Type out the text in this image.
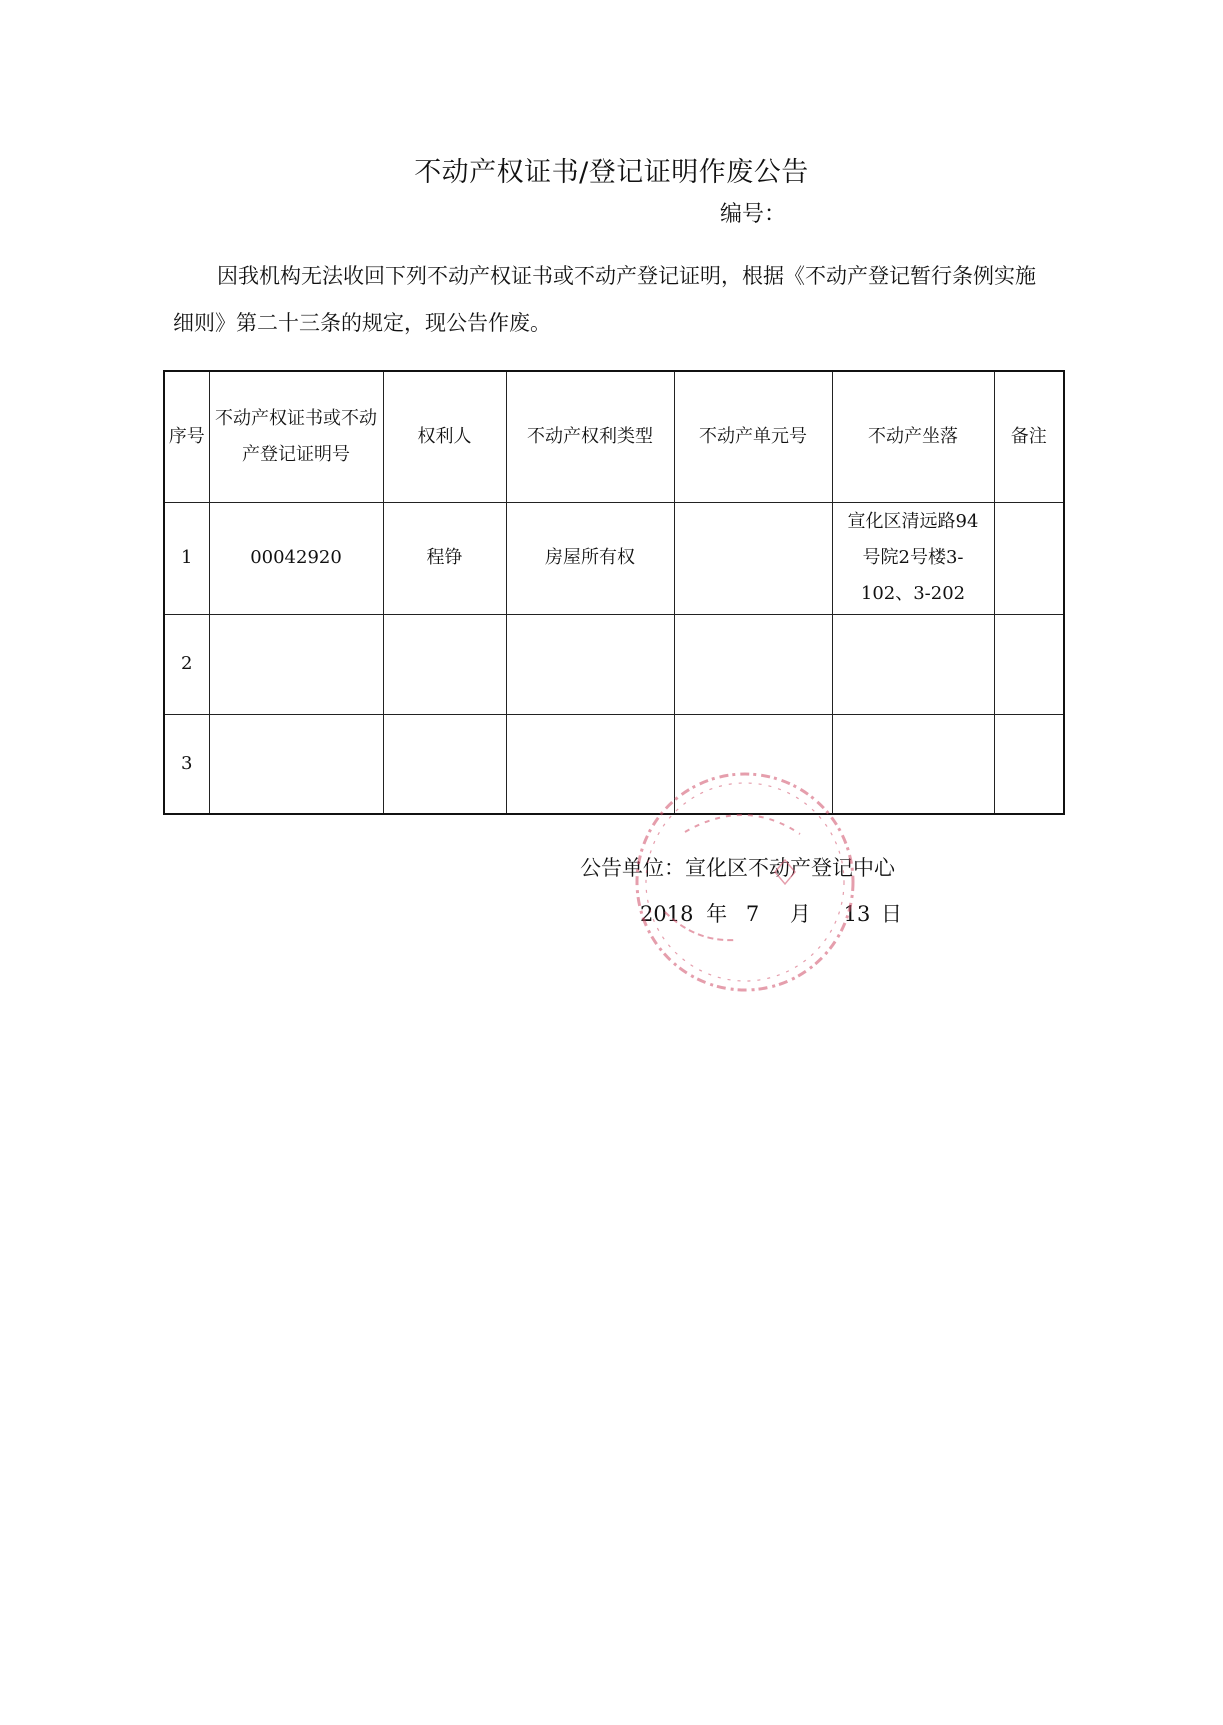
不动产权证书/登记证明作废公告
编号：
因我机构无法收回下列不动产权证书或不动产登记证明，根据《不动产登记暂行条例实施细则》第二十三条的规定，现公告作废。
序号	不动产权证书或不动产登记证明号	权利人	不动产权利类型	不动产单元号	不动产坐落	备注
1	00042920	程铮	房屋所有权		宣化区清远路94号院2号楼3-102、3-202	
2						
3						
公告单位：宣化区不动产登记中心
2018 年 7 月 13 日
